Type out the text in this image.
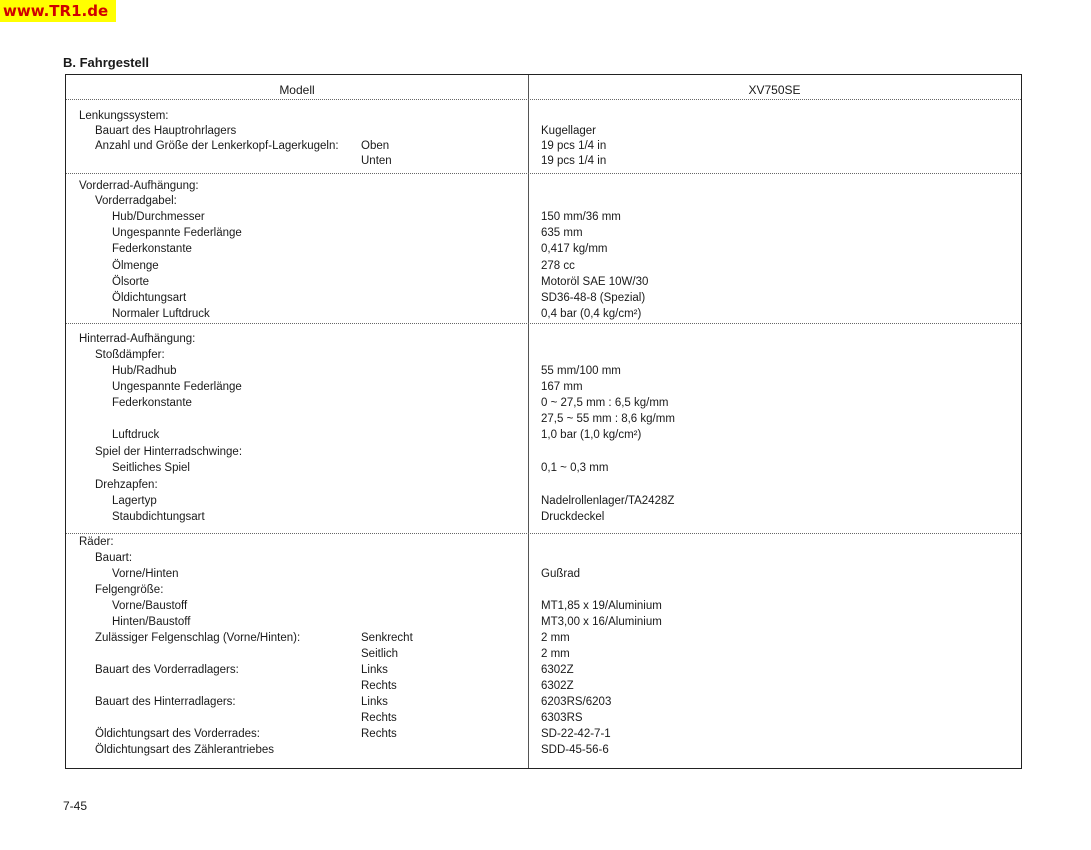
www.TR1.de
B. Fahrgestell
Modell	XV750SE
Lenkungssystem:
Bauart des Hauptrohrlagers	Kugellager
Anzahl und Größe der Lenkerkopf-Lagerkugeln: Oben	19 pcs 1/4 in
Unten	19 pcs 1/4 in
Vorderrad-Aufhängung:
Vorderradgabel:
Hub/Durchmesser	150 mm/36 mm
Ungespannte Federlänge	635 mm
Federkonstante	0,417 kg/mm
Ölmenge	278 cc
Ölsorte	Motoröl SAE 10W/30
Öldichtungsart	SD36-48-8 (Spezial)
Normaler Luftdruck	0,4 bar (0,4 kg/cm²)
Hinterrad-Aufhängung:
Stoßdämpfer:
Hub/Radhub	55 mm/100 mm
Ungespannte Federlänge	167 mm
Federkonstante	0 ~ 27,5 mm : 6,5 kg/mm
27,5 ~ 55 mm : 8,6 kg/mm
Luftdruck	1,0 bar (1,0 kg/cm²)
Spiel der Hinterradschwinge:
Seitliches Spiel	0,1 ~ 0,3 mm
Drehzapfen:
Lagertyp	Nadelrollenlager/TA2428Z
Staubdichtungsart	Druckdeckel
Räder:
Bauart:
Vorne/Hinten	Gußrad
Felgengröße:
Vorne/Baustoff	MT1,85 x 19/Aluminium
Hinten/Baustoff	MT3,00 x 16/Aluminium
Zulässiger Felgenschlag (Vorne/Hinten):	Senkrecht	2 mm
Seitlich	2 mm
Bauart des Vorderradlagers:	Links	6302Z
Rechts	6302Z
Bauart des Hinterradlagers:	Links	6203RS/6203
Rechts	6303RS
Öldichtungsart des Vorderrades:	Rechts	SD-22-42-7-1
Öldichtungsart des Zählerantriebes	SDD-45-56-6
7-45
